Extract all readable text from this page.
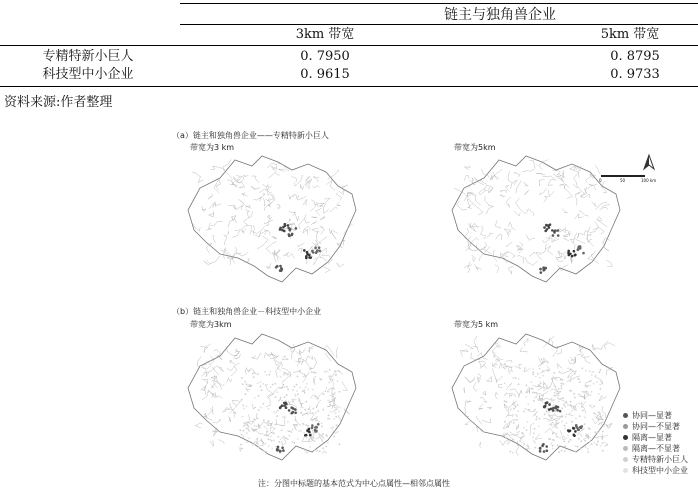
链主与独角兽企业
3km 带宽	5km 带宽
专精特新小巨人	0. 7950	0. 8795
科技型中小企业	0. 9615	0. 9733
资料来源:作者整理
（a）链主和独角兽企业——专精特新小巨人
带宽为3 km	带宽为5km
0	50	100 km
（b）链主和独角兽企业－科技型中小企业
带宽为3km	带宽为5 km
协同—显著
协同—不显著
隔离—显著
隔离—不显著
专精特新小巨人
科技型中小企业
注：分图中标题的基本范式为中心点属性—相邻点属性
